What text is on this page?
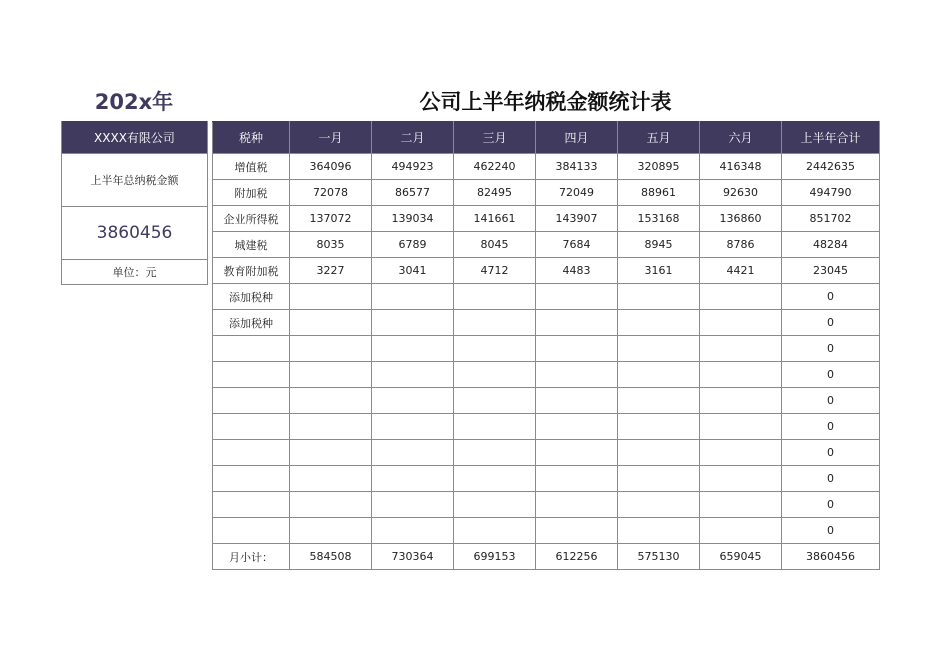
202x年	公司上半年纳税金额统计表
XXXX有限公司
上半年总纳税金额
3860456
单位：元
税种	一月	二月	三月	四月	五月	六月	上半年合计
增值税	364096	494923	462240	384133	320895	416348	2442635
附加税	72078	86577	82495	72049	88961	92630	494790
企业所得税	137072	139034	141661	143907	153168	136860	851702
城建税	8035	6789	8045	7684	8945	8786	48284
教育附加税	3227	3041	4712	4483	3161	4421	23045
添加税种							0
添加税种							0
							0
							0
							0
							0
							0
							0
							0
							0
月小计：	584508	730364	699153	612256	575130	659045	3860456
